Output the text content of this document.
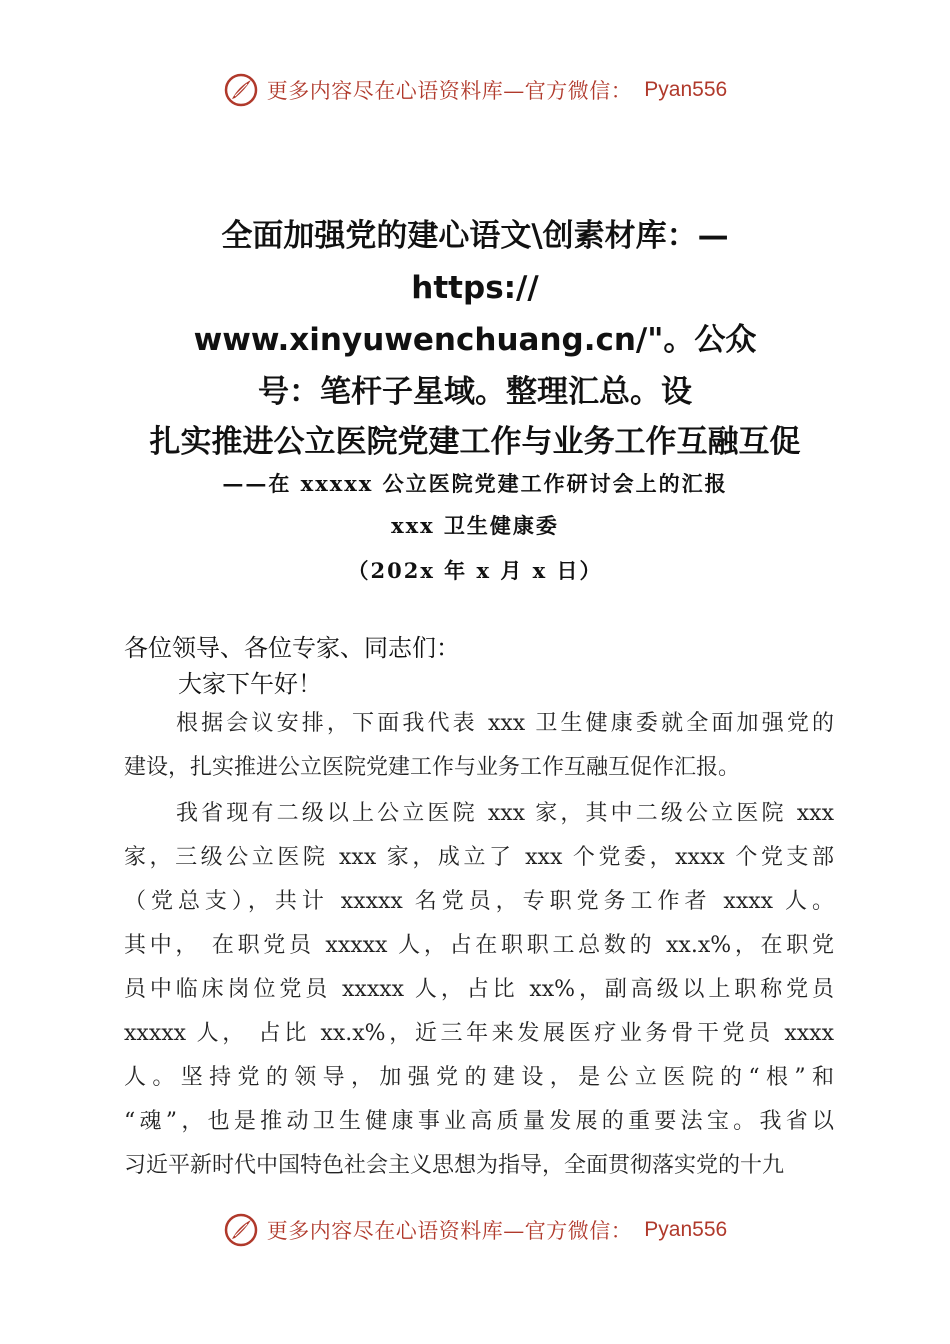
更多内容尽在心语资料库—官方微信： Pyan556
全面加强党的建心语文\创素材库：—
https://
www.xinyuwenchuang.cn/"。公众
号：笔杆子星域。整理汇总。设
扎实推进公立医院党建工作与业务工作互融互促
——在 xxxxx 公立医院党建工作研讨会上的汇报
xxx 卫生健康委
（202x 年 x 月 x 日）
各位领导、各位专家、同志们：
大家下午好！
根据会议安排，下面我代表 xxx 卫生健康委就全面加强党的
建设，扎实推进公立医院党建工作与业务工作互融互促作汇报。
我省现有二级以上公立医院 xxx 家，其中二级公立医院 xxx
家，三级公立医院 xxx 家，成立了 xxx 个党委，xxxx 个党支部
（党总支），共计 xxxxx 名党员，专职党务工作者 xxxx 人。
其中， 在职党员 xxxxx 人，占在职职工总数的 xx.x%，在职党
员中临床岗位党员 xxxxx 人，占比 xx%，副高级以上职称党员
xxxxx 人， 占比 xx.x%，近三年来发展医疗业务骨干党员 xxxx
人。坚持党的领导，加强党的建设，是公立医院的“根”和
“魂”，也是推动卫生健康事业高质量发展的重要法宝。我省以
习近平新时代中国特色社会主义思想为指导，全面贯彻落实党的十九
更多内容尽在心语资料库—官方微信： Pyan556
